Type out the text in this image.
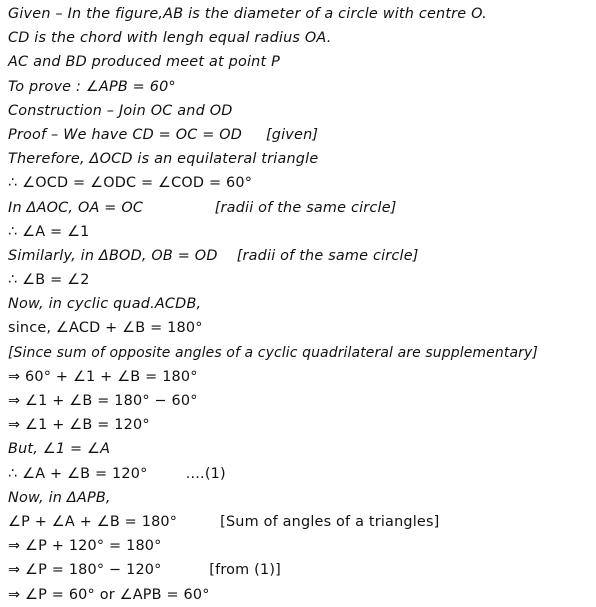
Given – In the figure,AB is the diameter of a circle with centre O.
CD is the chord with lengh equal radius OA.
AC and BD produced meet at point P
To prove : ∠APB = 60°
Construction – Join OC and OD
Proof – We have CD = OC = OD     [given]
Therefore, ΔOCD is an equilateral triangle
∴ ∠OCD = ∠ODC = ∠COD = 60°
In ΔAOC, OA = OC               [radii of the same circle]
∴ ∠A = ∠1
Similarly, in ΔBOD, OB = OD    [radii of the same circle]
∴ ∠B = ∠2
Now, in cyclic quad.ACDB,
since, ∠ACD + ∠B = 180°
[Since sum of opposite angles of a cyclic quadrilateral are supplementary]
⇒ 60° + ∠1 + ∠B = 180°
⇒ ∠1 + ∠B = 180° − 60°
⇒ ∠1 + ∠B = 120°
But, ∠1 = ∠A
∴ ∠A + ∠B = 120°        ....(1)
Now, in ΔAPB,
∠P + ∠A + ∠B = 180°         [Sum of angles of a triangles]
⇒ ∠P + 120° = 180°
⇒ ∠P = 180° − 120°          [from (1)]
⇒ ∠P = 60° or ∠APB = 60°
